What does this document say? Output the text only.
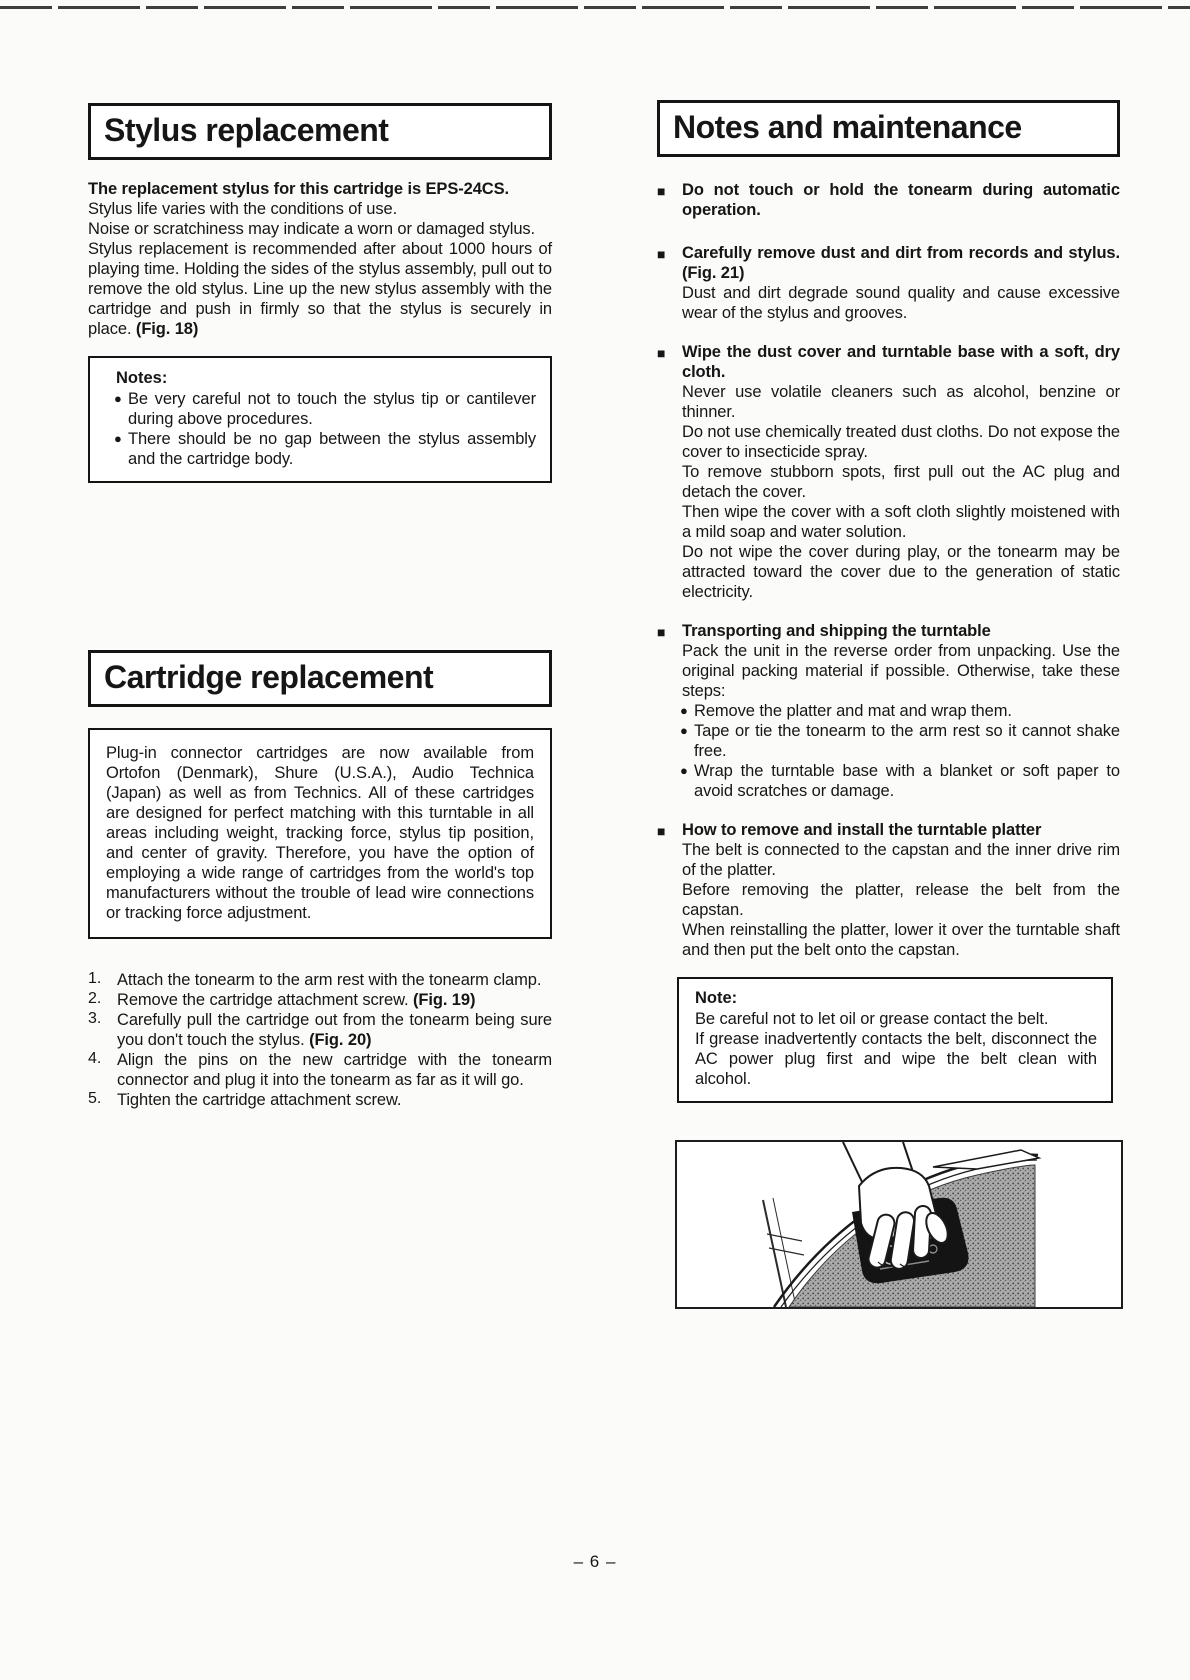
Stylus replacement

The replacement stylus for this cartridge is EPS-24CS.

Stylus life varies with the conditions of use.

Noise or scratchiness may indicate a worn or damaged stylus.

Stylus replacement is recommended after about 1000 hours of playing time. Holding the sides of the stylus assembly, pull out to remove the old stylus. Line up the new stylus assembly with the cartridge and push in firmly so that the stylus is securely in place. (Fig. 18)

Notes:
● Be very careful not to touch the stylus tip or cantilever during above procedures.

● There should be no gap between the stylus assembly and the cartridge body.

Cartridge replacement

Plug-in connector cartridges are now available from Ortofon (Denmark), Shure (U.S.A.), Audio Technica (Japan) as well as from Technics. All of these cartridges are designed for perfect matching with this turntable in all areas including weight, tracking force, stylus tip position, and center of gravity. Therefore, you have the option of employing a wide range of cartridges from the world's top manufacturers without the trouble of lead wire connections or tracking force adjustment.

1. Attach the tonearm to the arm rest with the tonearm clamp.

2. Remove the cartridge attachment screw. (Fig. 19)

3. Carefully pull the cartridge out from the tonearm being sure you don't touch the stylus. (Fig. 20)

4. Align the pins on the new cartridge with the tonearm connector and plug it into the tonearm as far as it will go.

5. Tighten the cartridge attachment screw.

Notes and maintenance
■ Do not touch or hold the tonearm during automatic operation.

■ Carefully remove dust and dirt from records and stylus. (Fig. 21)

Dust and dirt degrade sound quality and cause excessive wear of the stylus and grooves.

■ Wipe the dust cover and turntable base with a soft, dry cloth.

Never use volatile cleaners such as alcohol, benzine or thinner.

Do not use chemically treated dust cloths. Do not expose the cover to insecticide spray.

To remove stubborn spots, first pull out the AC plug and detach the cover.

Then wipe the cover with a soft cloth slightly moistened with a mild soap and water solution.

Do not wipe the cover during play, or the tonearm may be attracted toward the cover due to the generation of static electricity.

■ Transporting and shipping the turntable

Pack the unit in the reverse order from unpacking. Use the original packing material if possible. Otherwise, take these steps:

● Remove the platter and mat and wrap them.

● Tape or tie the tonearm to the arm rest so it cannot shake free.

● Wrap the turntable base with a blanket or soft paper to avoid scratches or damage.

■ How to remove and install the turntable platter

The belt is connected to the capstan and the inner drive rim of the platter.

Before removing the platter, release the belt from the capstan.

When reinstalling the platter, lower it over the turntable shaft and then put the belt onto the capstan.

Note:

Be careful not to let oil or grease contact the belt.

If grease inadvertently contacts the belt, disconnect the AC power plug first and wipe the belt clean with alcohol.

– 6 –
